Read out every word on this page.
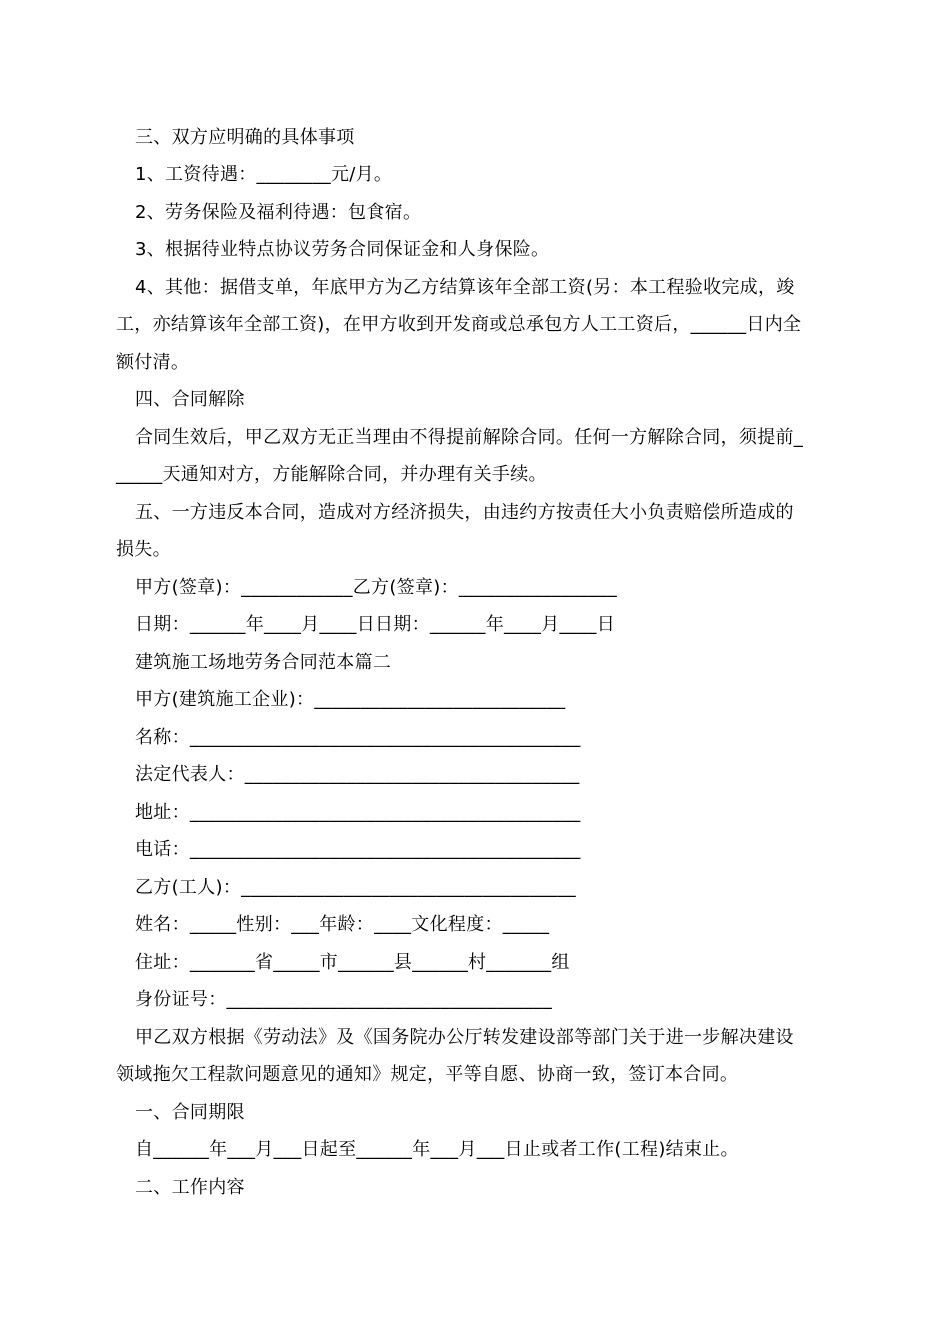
三、双方应明确的具体事项
1、工资待遇：________元/月。
2、劳务保险及福利待遇：包食宿。
3、根据待业特点协议劳务合同保证金和人身保险。
4、其他：据借支单，年底甲方为乙方结算该年全部工资(另：本工程验收完成，竣
工，亦结算该年全部工资)，在甲方收到开发商或总承包方人工工资后，______日内全
额付清。
四、合同解除
合同生效后，甲乙双方无正当理由不得提前解除合同。任何一方解除合同，须提前_
_____天通知对方，方能解除合同，并办理有关手续。
五、一方违反本合同，造成对方经济损失，由违约方按责任大小负责赔偿所造成的
损失。
甲方(签章)：____________乙方(签章)：_________________
日期：______年____月____日日期：______年____月____日
建筑施工场地劳务合同范本篇二
甲方(建筑施工企业)：___________________________
名称：__________________________________________
法定代表人：____________________________________
地址：__________________________________________
电话：__________________________________________
乙方(工人)：____________________________________
姓名：_____性别：___年龄：____文化程度：_____
住址：_______省_____市______县______村_______组
身份证号：___________________________________
甲乙双方根据《劳动法》及《国务院办公厅转发建设部等部门关于进一步解决建设
领域拖欠工程款问题意见的通知》规定，平等自愿、协商一致，签订本合同。
一、合同期限
自______年___月___日起至______年___月___日止或者工作(工程)结束止。
二、工作内容
